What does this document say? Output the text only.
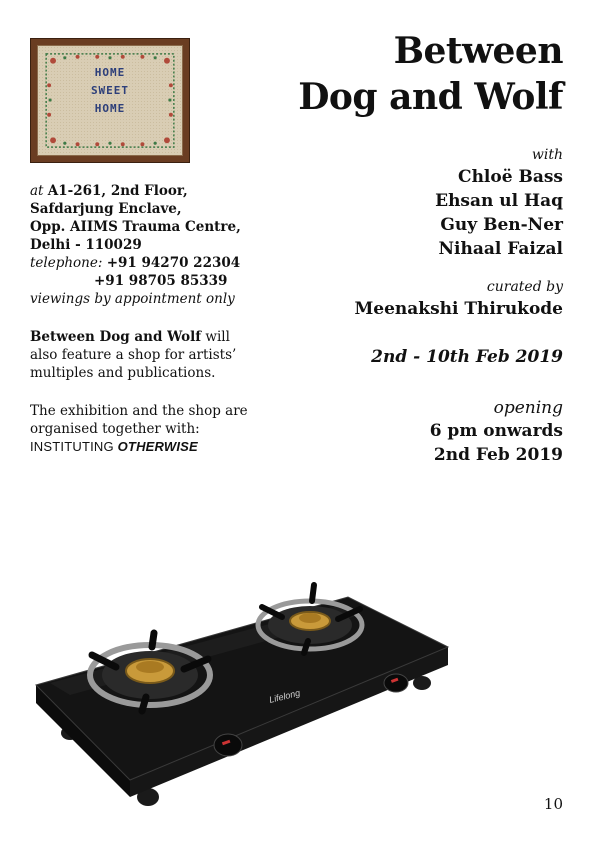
HOME
SWEET
HOME
Between
Dog and Wolf
with
Chloë Bass
Ehsan ul Haq
Guy Ben-Ner
Nihaal Faizal
curated by
Meenakshi Thirukode
2nd - 10th Feb 2019
opening
6 pm onwards
2nd Feb 2019
at A1-261, 2nd Floor,
Safdarjung Enclave,
Opp. AIIMS Trauma Centre,
Delhi - 110029
telephone: +91 94270 22304
+91 98705 85339
viewings by appointment only
Between Dog and Wolf will also feature a shop for artists’ multiples and publications.
The exhibition and the shop are organised together with:
INSTITUTING OTHERWISE
Lifelong
10
